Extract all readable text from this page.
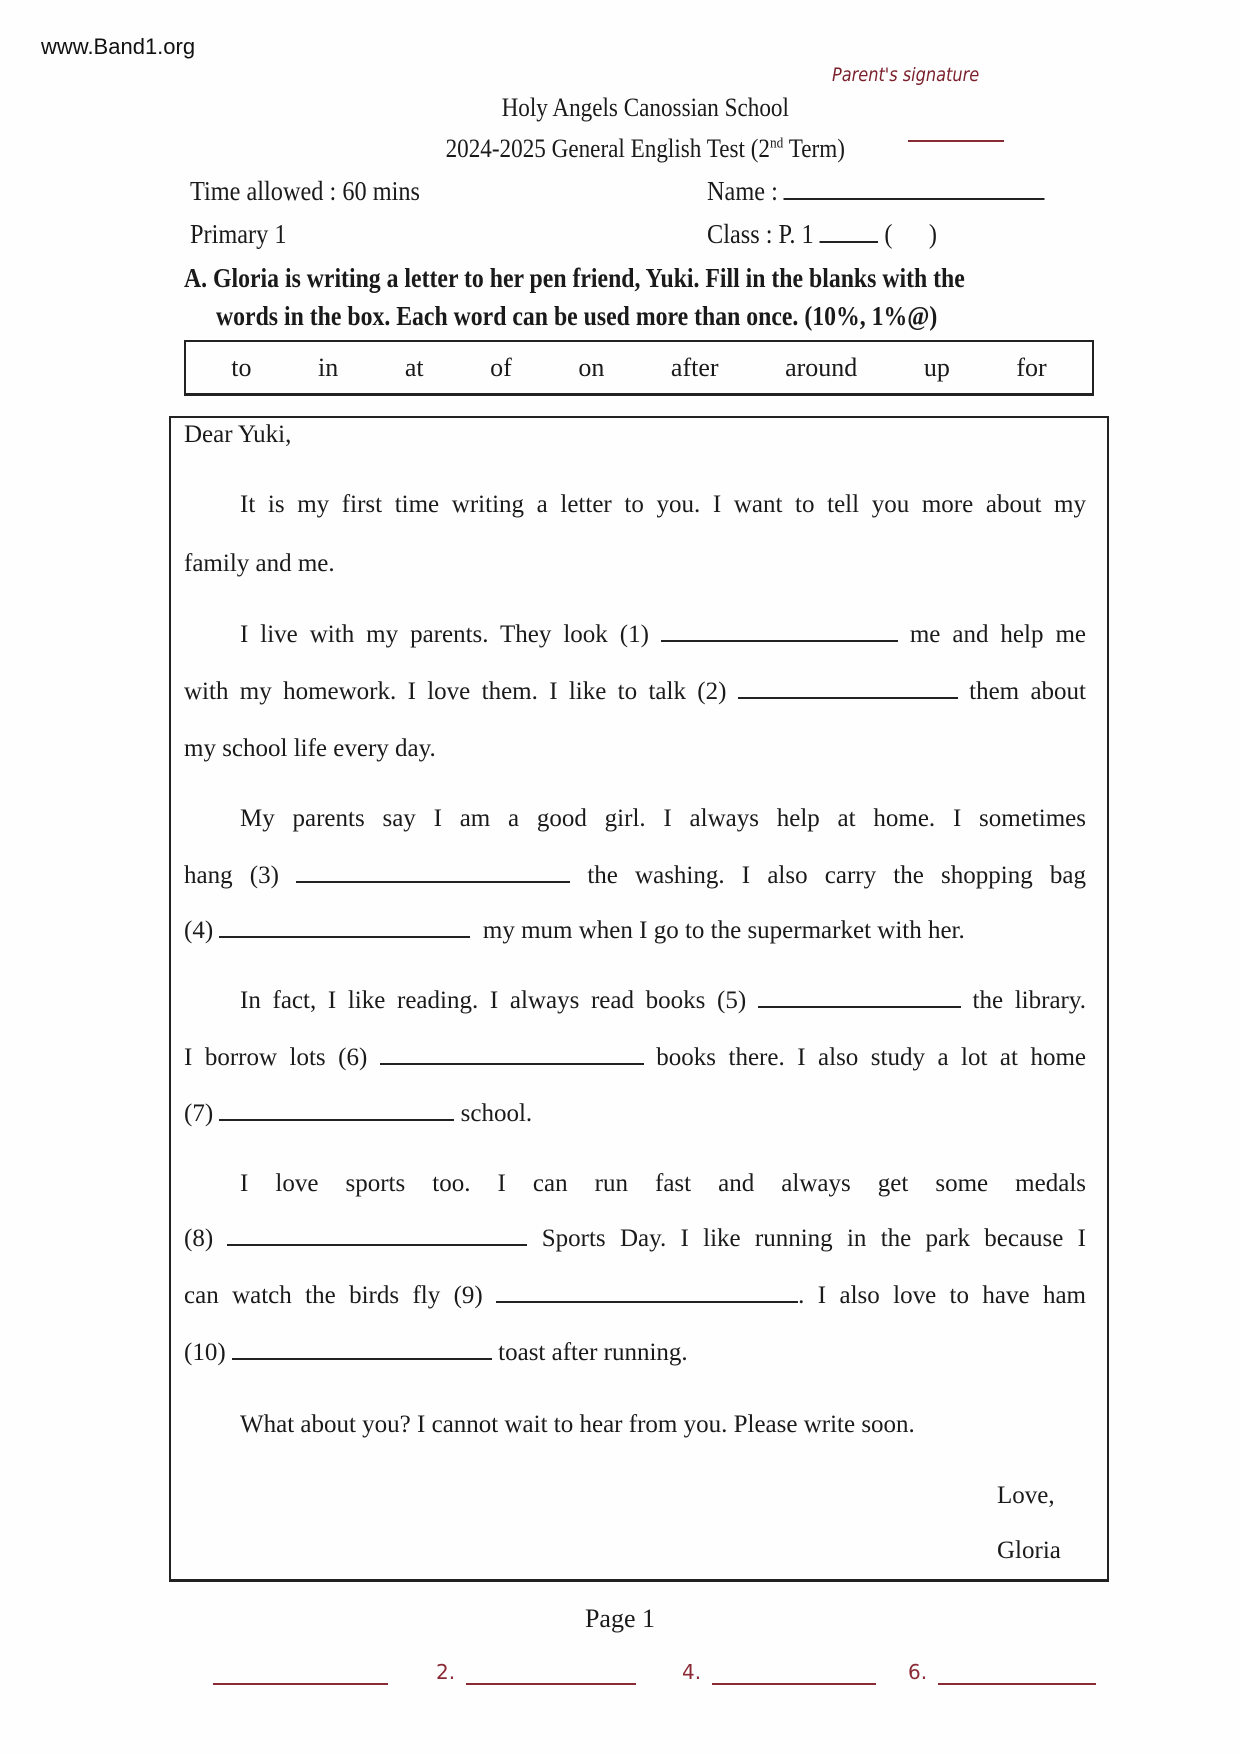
www.Band1.org
Parent's signature
Holy Angels Canossian School
2024-2025 General English Test (2nd Term)
Time allowed : 60 mins	Name :
Primary 1	Class : P. 1	(      )
A. Gloria is writing a letter to her pen friend, Yuki. Fill in the blanks with the
words in the box. Each word can be used more than once. (10%, 1%@)
to	in	at	of	on	after	around	up	for
Dear Yuki,
It is my first time writing a letter to you. I want to tell you more about my
family and me.
I live with my parents. They look (1)	me and help me
with my homework. I love them. I like to talk (2)	them about
my school life every day.
My parents say I am a good girl. I always help at home. I sometimes
hang (3)	the washing. I also carry the shopping bag
(4)	my mum when I go to the supermarket with her.
In fact, I like reading. I always read books (5)	the library.
I borrow lots (6)	books there. I also study a lot at home
(7)	school.
I love sports too. I can run fast and always get some medals
(8)	Sports Day. I like running in the park because I
can watch the birds fly (9)	. I also love to have ham
(10)	toast after running.
What about you? I cannot wait to hear from you. Please write soon.
Love,
Gloria
Page 1
2.	4.	6.
